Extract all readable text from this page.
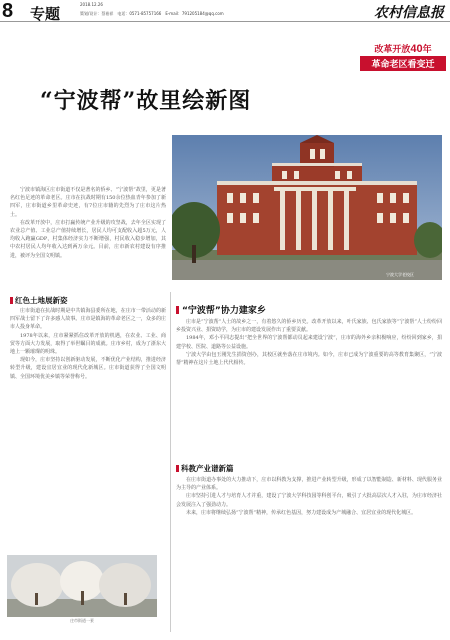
8 专题
2018.12.26
策划/设计：蔡裕祥　电话：0571-85757166　E-mail：791205184@qq.com	农村信息报
改革开放40年
革命老区看变迁
“宁波帮”故里绘新图

宁波市镇海区庄市街道不仅是著名的侨乡、“宁波帮”故里，更是著名红色足迹的革命老区。庄市在抗战时期有150余位热血青年参加了新四军，庄市街道乡里革命史迹，有7位庄市籍的先烈为了庄市这片热土。

在改革开放中，庄市打赢传统产业升级的攻坚战，去年全区实现了农业总产值、工业总产值持续增长，居民人均可支配收入超5万元，人均收入跑赢GDP，村集体经济实力不断增强，村民收入稳步增加，其中农村居民人均年收入达到两万余元。目前，庄市新农村建设有序推进，被评为全国文明镇。

宁波大学老校区
红色土地展新姿

庄市街道在抗战时期是中共镇海县委所在地，在庄市一带活动的新四军战士留下了许多感人故事。庄市是镇海的革命老区之一，众多的庄市人投身革命。

1978年以来，庄市紧紧抓住改革开放的机遇，在农业、工业、商贸等方面大力发展，取得了举世瞩目的成就。庄市乡村，成为了浙东大地上一颗璀璨的明珠。

现如今，庄市坚持以创新驱动发展，不断优化产业结构，推进经济转型升级，建设宜居宜业的现代化新城区。庄市街道获得了全国文明镇、全国环境优美乡镇等荣誉称号。

“宁波帮”协力建家乡

庄市是“宁波帮”人士的故乡之一，有着悠久的侨乡历史。改革开放以来，叶氏家族、包氏家族等“宁波帮”人士纷纷回乡投资兴业、捐资助学，为庄市的建设发展作出了重要贡献。

1984年，邓小平同志提出“把全世界的宁波帮都动员起来建设宁波”，庄市的海外乡亲积极响应，纷纷回到家乡，捐建学校、医院、道路等公益设施。

宁波大学由包玉刚先生捐资创办，其校区就坐落在庄市境内。如今，庄市已成为宁波重要的高等教育集聚区，“宁波帮”精神在这片土地上代代相传。

科教产业谱新篇

在庄市街道办事处的大力推动下，庄市以科教为支撑，推进产业转型升级，形成了以智能制造、新材料、现代服务业为主导的产业体系。

庄市坚持引进人才与培育人才并重，建设了宁波大学科技园等科创平台，吸引了大批高层次人才入驻，为庄市经济社会发展注入了强劲动力。

未来，庄市将继续弘扬“宁波帮”精神，传承红色基因，努力建设成为产城融合、宜居宜业的现代化城区。

庄市街道一景
